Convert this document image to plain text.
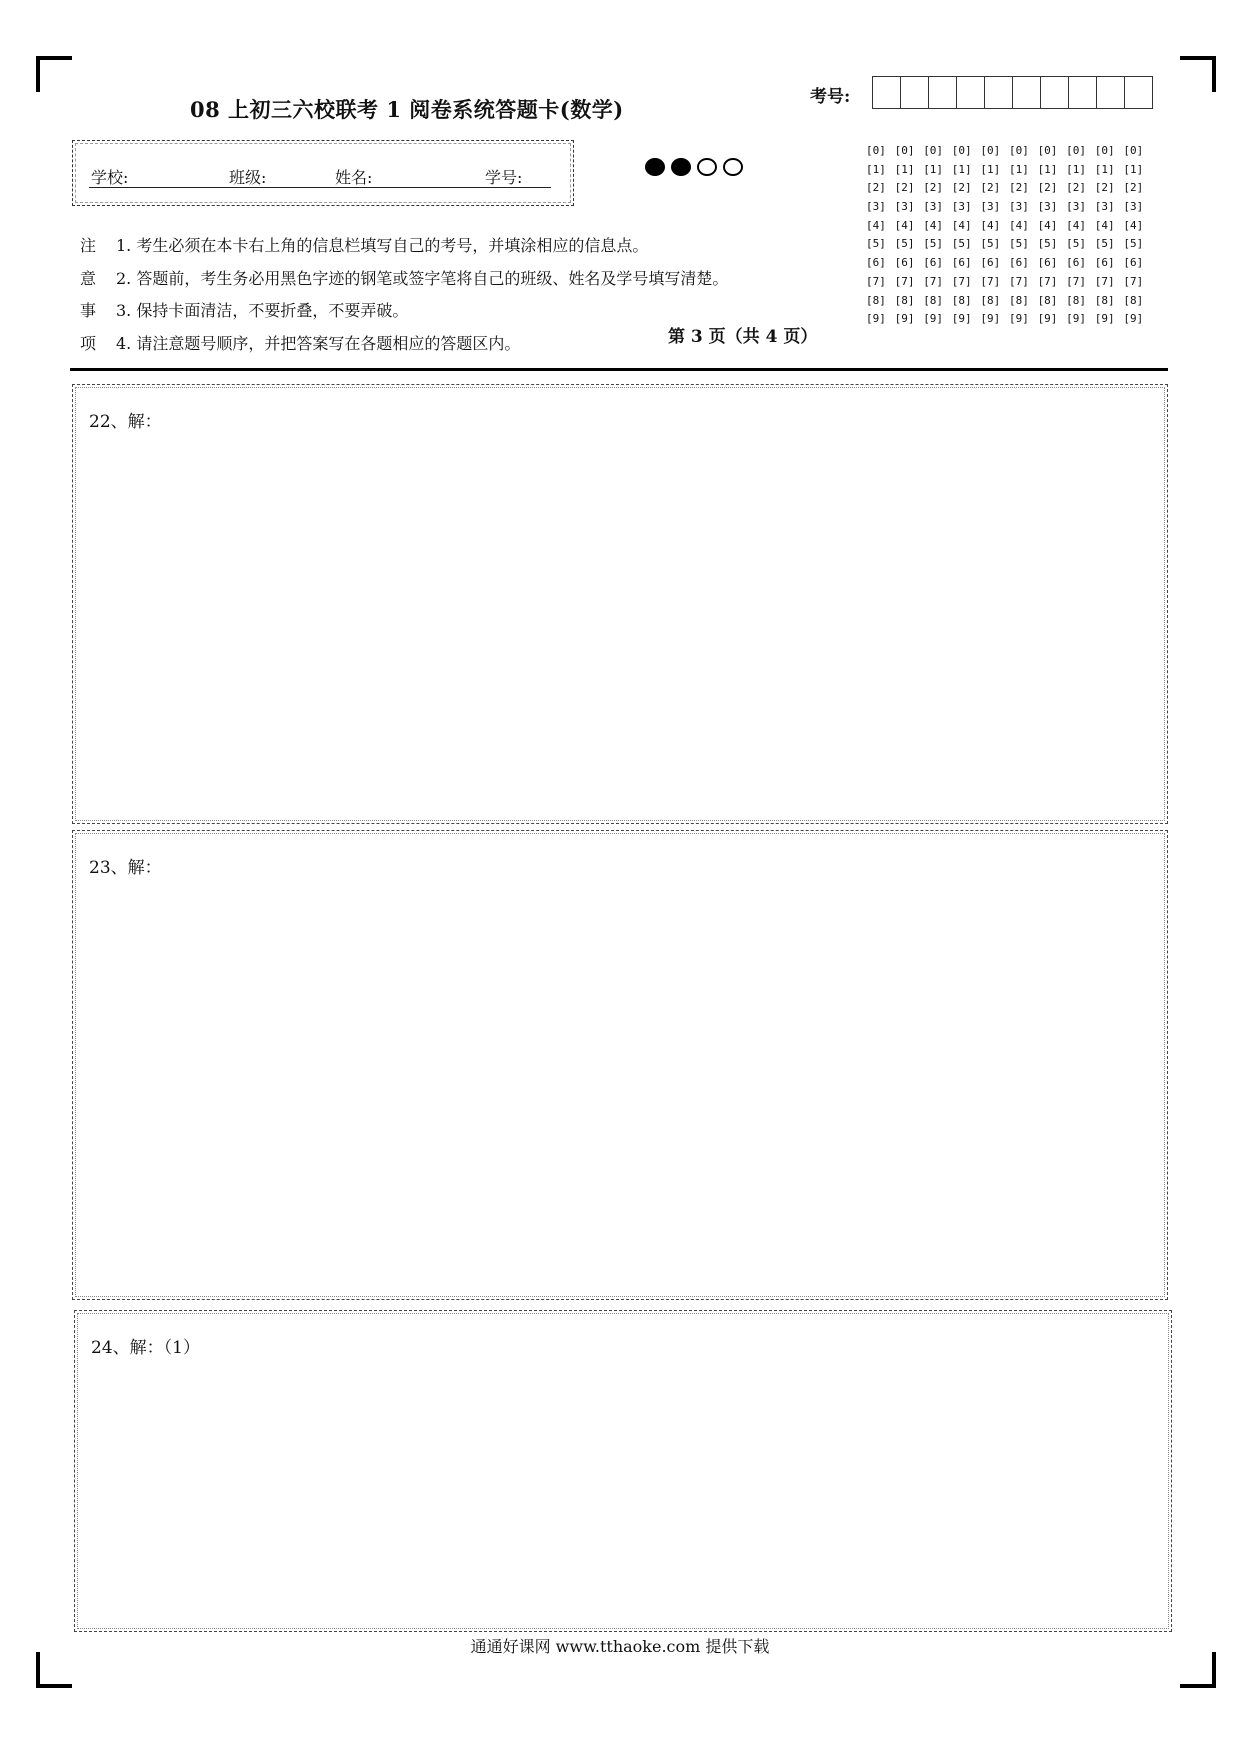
08 上初三六校联考 1 阅卷系统答题卡(数学)	考号:
学校:	班级:	姓名:	学号:
[0] [0] [0] [0] [0] [0] [0] [0] [0] [0]
[1] [1] [1] [1] [1] [1] [1] [1] [1] [1]
[2] [2] [2] [2] [2] [2] [2] [2] [2] [2]
[3] [3] [3] [3] [3] [3] [3] [3] [3] [3]
[4] [4] [4] [4] [4] [4] [4] [4] [4] [4]
[5] [5] [5] [5] [5] [5] [5] [5] [5] [5]
[6] [6] [6] [6] [6] [6] [6] [6] [6] [6]
[7] [7] [7] [7] [7] [7] [7] [7] [7] [7]
[8] [8] [8] [8] [8] [8] [8] [8] [8] [8]
[9] [9] [9] [9] [9] [9] [9] [9] [9] [9]
注	1. 考生必须在本卡右上角的信息栏填写自己的考号，并填涂相应的信息点。
意	2. 答题前，考生务必用黑色字迹的钢笔或签字笔将自己的班级、姓名及学号填写清楚。
事	3. 保持卡面清洁，不要折叠，不要弄破。
项	4. 请注意题号顺序，并把答案写在各题相应的答题区内。	第 3 页（共 4 页）
22、解：
23、解：
24、解：（1）
通通好课网 www.tthaoke.com 提供下载
